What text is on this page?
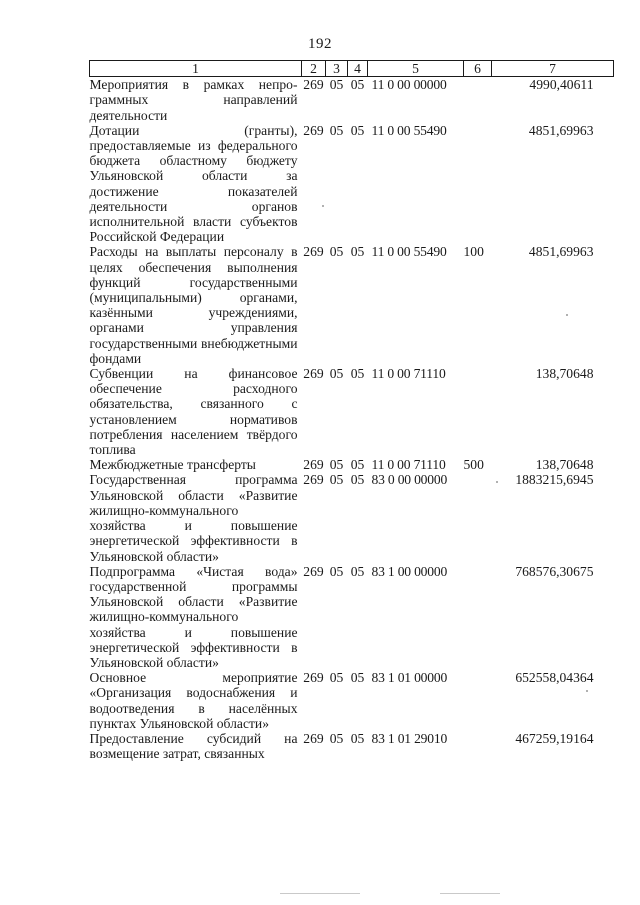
192
1	2	3	4	5	6	7
Мероприятия в рамках непрограммных направлений деятельности	269	05	05	11 0 00 00000		4990,40611
Дотации (гранты), предоставляемые из федерального бюджета областному бюджету Ульяновской области за достижение показателей деятельности органов исполнительной власти субъектов Российской Федерации	269	05	05	11 0 00 55490		4851,69963
Расходы на выплаты персоналу в целях обеспечения выполнения функций государственными (муниципальными) органами, казёнными учреждениями, органами управления государственными внебюджетными фондами	269	05	05	11 0 00 55490	100	4851,69963
Субвенции на финансовое обеспечение расходного обязательства, связанного с установлением нормативов потребления населением твёрдого топлива	269	05	05	11 0 00 71110		138,70648
Межбюджетные трансферты	269	05	05	11 0 00 71110	500	138,70648
Государственная программа Ульяновской области «Развитие жилищно-коммунального хозяйства и повышение энергетической эффективности в Ульяновской области»	269	05	05	83 0 00 00000		1883215,6945
Подпрограмма «Чистая вода» государственной программы Ульяновской области «Развитие жилищно-коммунального хозяйства и повышение энергетической эффективности в Ульяновской области»	269	05	05	83 1 00 00000		768576,30675
Основное мероприятие «Организация водоснабжения и водоотведения в населённых пунктах Ульяновской области»	269	05	05	83 1 01 00000		652558,04364
Предоставление субсидий на возмещение затрат, связанных	269	05	05	83 1 01 29010		467259,19164
